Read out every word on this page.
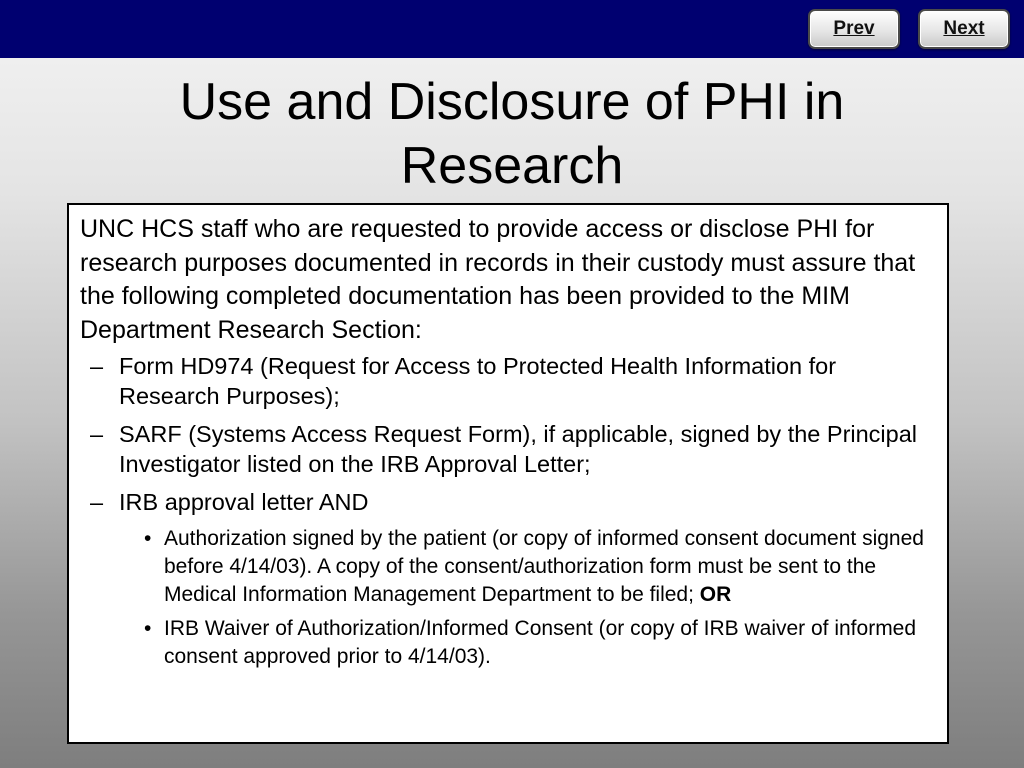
Prev	Next
Use and Disclosure of PHI in
Research

UNC HCS staff who are requested to provide access or disclose PHI for research purposes documented in records in their custody must assure that the following completed documentation has been provided to the MIM Department Research Section:

– Form HD974 (Request for Access to Protected Health Information for Research Purposes);
– SARF (Systems Access Request Form), if applicable, signed by the Principal Investigator listed on the IRB Approval Letter;
– IRB approval letter AND
• Authorization signed by the patient (or copy of informed consent document signed before 4/14/03). A copy of the consent/authorization form must be sent to the Medical Information Management Department to be filed; OR
• IRB Waiver of Authorization/Informed Consent (or copy of IRB waiver of informed consent approved prior to 4/14/03).
